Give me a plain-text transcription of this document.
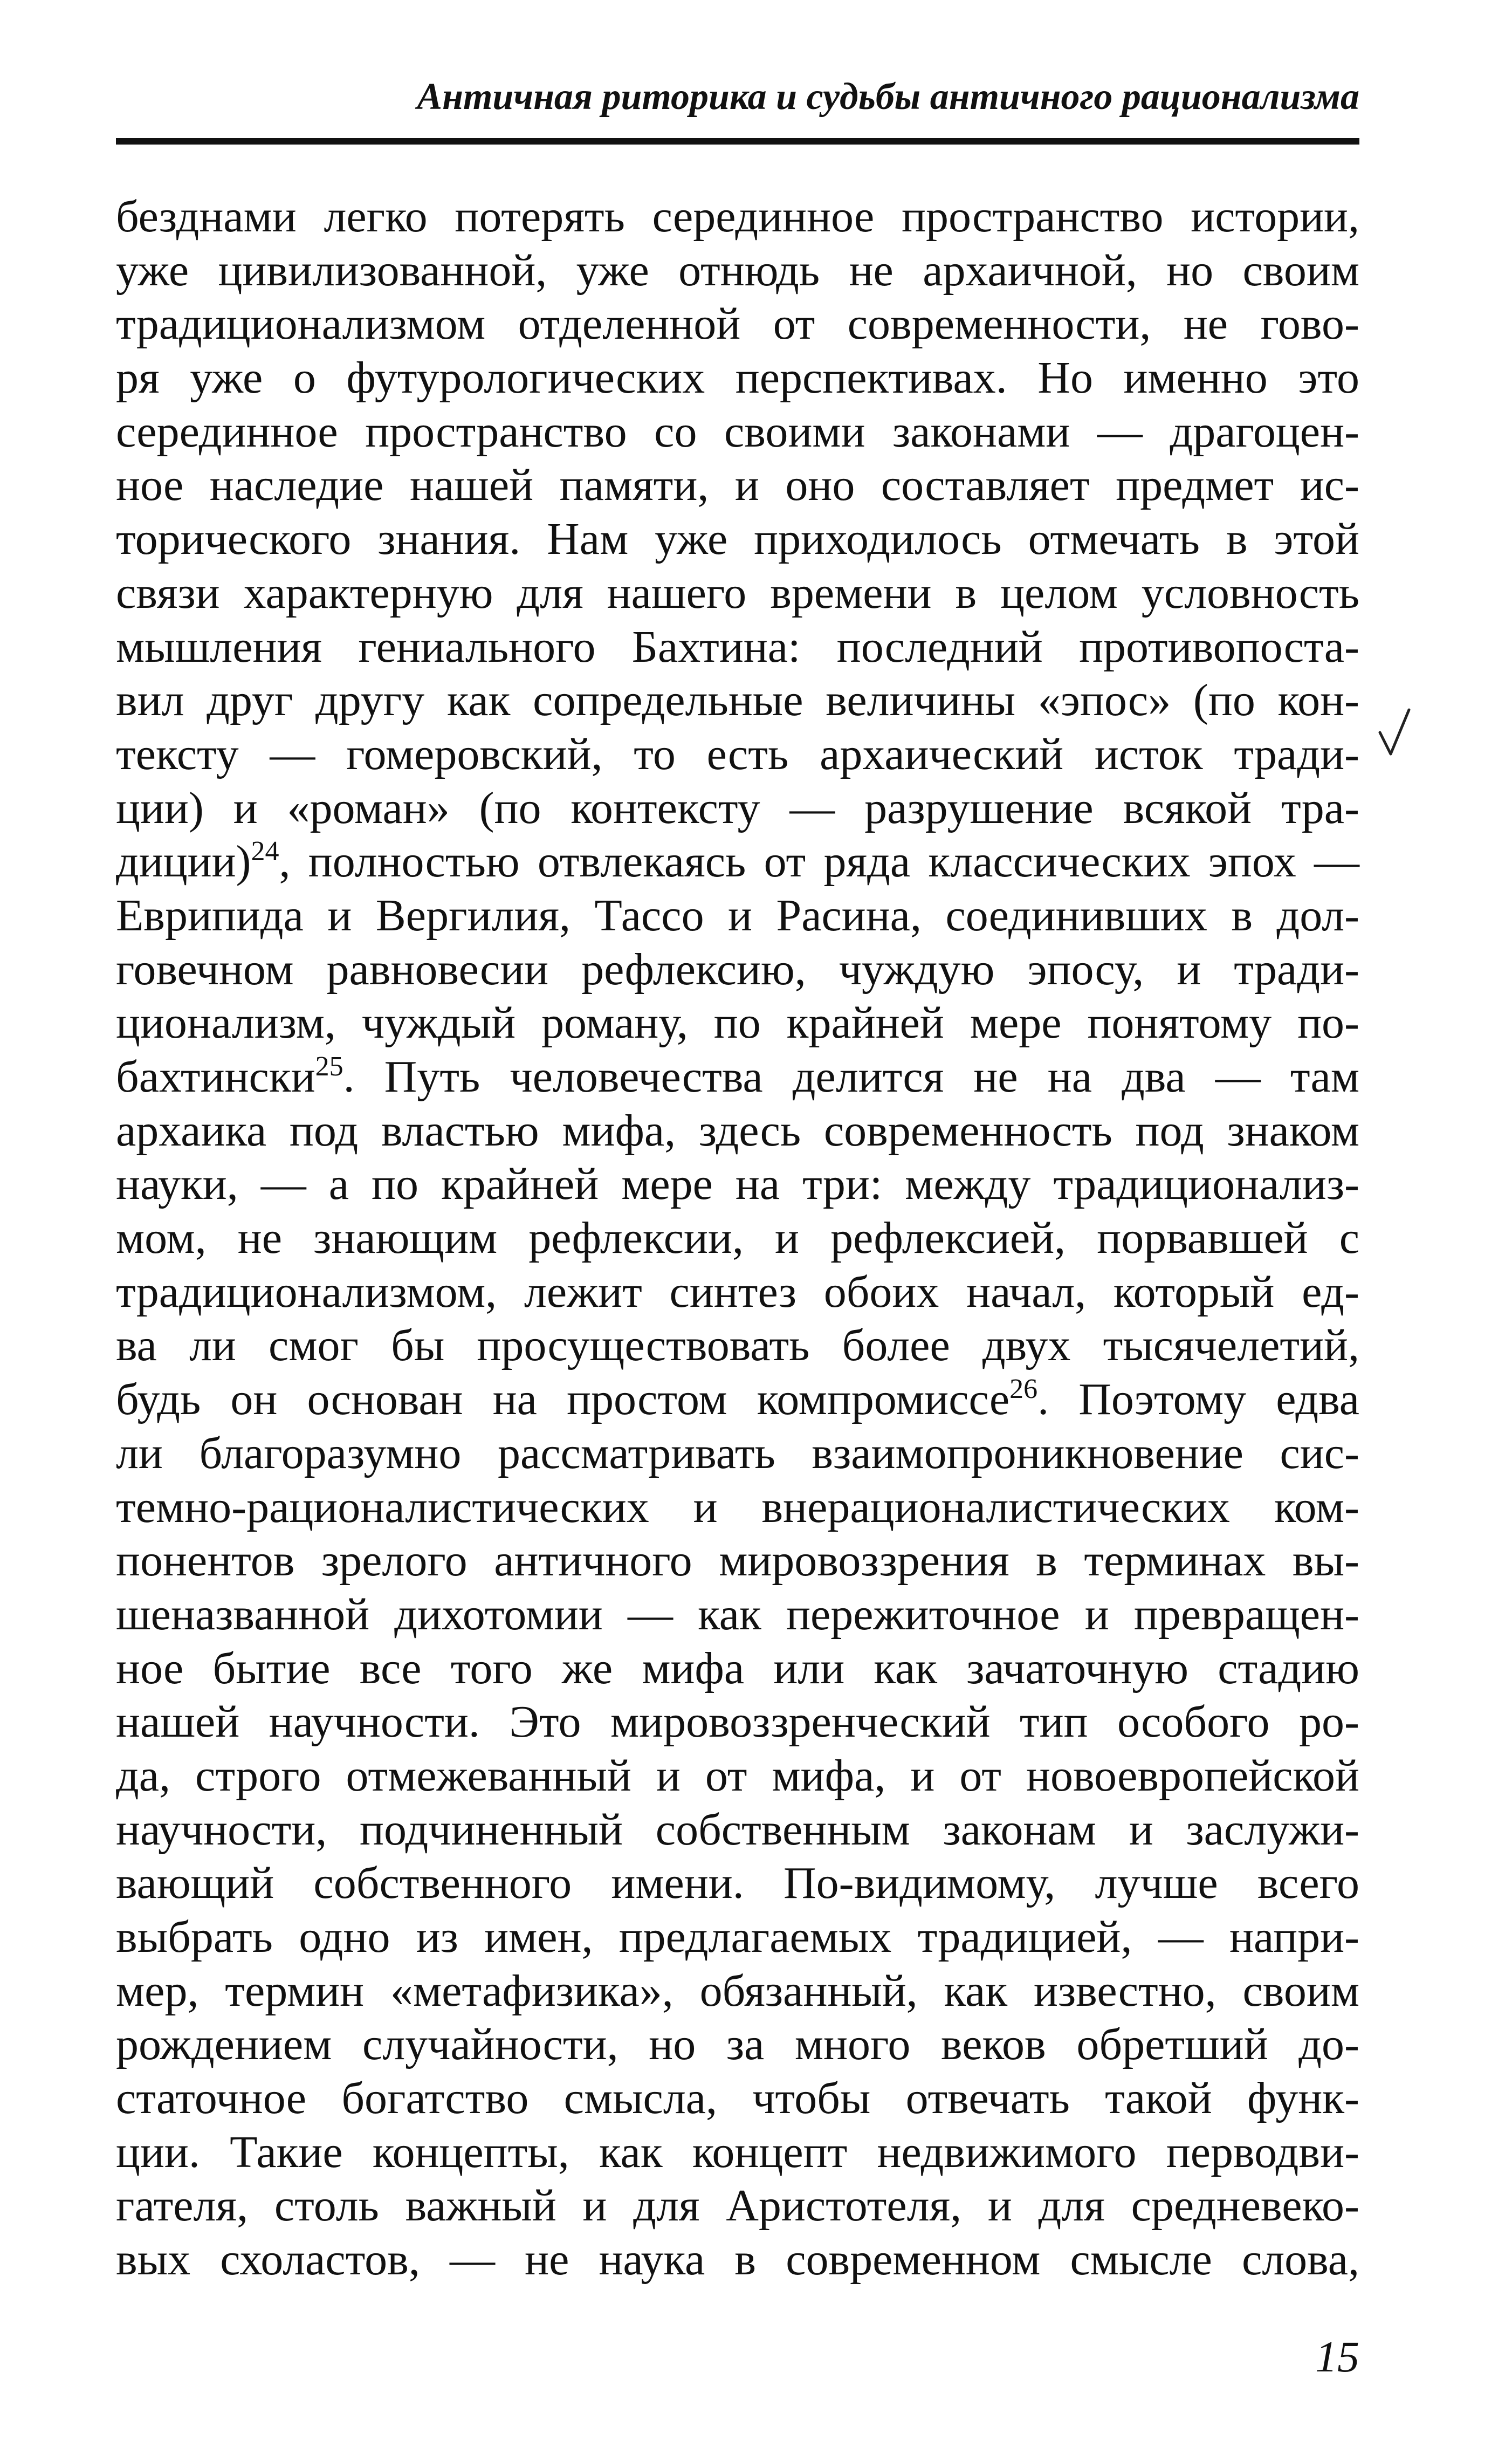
Античная риторика и судьбы античного рационализма
безднами легко потерять серединное пространство истории,
уже цивилизованной, уже отнюдь не архаичной, но своим
традиционализмом отделенной от современности, не гово-
ря уже о футурологических перспективах. Но именно это
серединное пространство со своими законами — драгоцен-
ное наследие нашей памяти, и оно составляет предмет ис-
торического знания. Нам уже приходилось отмечать в этой
связи характерную для нашего времени в целом условность
мышления гениального Бахтина: последний противопоста-
вил друг другу как сопредельные величины «эпос» (по кон-
тексту — гомеровский, то есть архаический исток тради-
ции) и «роман» (по контексту — разрушение всякой тра-
диции)$^{24}$, полностью отвлекаясь от ряда классических эпох —
Еврипида и Вергилия, Тассо и Расина, соединивших в дол-
говечном равновесии рефлексию, чуждую эпосу, и тради-
ционализм, чуждый роману, по крайней мере понятому по-
бахтински$^{25}$. Путь человечества делится не на два — там
архаика под властью мифа, здесь современность под знаком
науки, — а по крайней мере на три: между традиционализ-
мом, не знающим рефлексии, и рефлексией, порвавшей с
традиционализмом, лежит синтез обоих начал, который ед-
ва ли смог бы просуществовать более двух тысячелетий,
будь он основан на простом компромиссе$^{26}$. Поэтому едва
ли благоразумно рассматривать взаимопроникновение сис-
темно-рационалистических и внерационалистических ком-
понентов зрелого античного мировоззрения в терминах вы-
шеназванной дихотомии — как пережиточное и превращен-
ное бытие все того же мифа или как зачаточную стадию
нашей научности. Это мировоззренческий тип особого ро-
да, строго отмежеванный и от мифа, и от новоевропейской
научности, подчиненный собственным законам и заслужи-
вающий собственного имени. По-видимому, лучше всего
выбрать одно из имен, предлагаемых традицией, — напри-
мер, термин «метафизика», обязанный, как известно, своим
рождением случайности, но за много веков обретший до-
статочное богатство смысла, чтобы отвечать такой функ-
ции. Такие концепты, как концепт недвижимого перводви-
гателя, столь важный и для Аристотеля, и для средневеко-
вых схоластов, — не наука в современном смысле слова,
15
